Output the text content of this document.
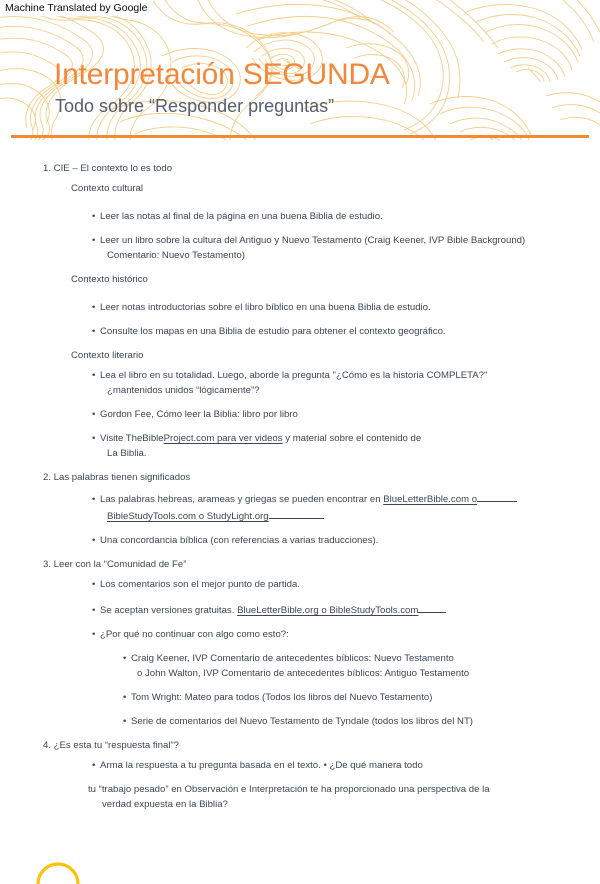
Machine Translated by Google
Interpretación SEGUNDA
Todo sobre “Responder preguntas”
1. CIE – El contexto lo es todo
Contexto cultural
• Leer las notas al final de la página en una buena Biblia de estudio.
• Leer un libro sobre la cultura del Antiguo y Nuevo Testamento (Craig Keener, IVP Bible Background)
Comentario: Nuevo Testamento)
Contexto histórico
• Leer notas introductorias sobre el libro bíblico en una buena Biblia de estudio.
• Consulte los mapas en una Biblia de estudio para obtener el contexto geográfico.
Contexto literario
• Lea el libro en su totalidad. Luego, aborde la pregunta "¿Cómo es la historia COMPLETA?"
¿mantenidos unidos “lógicamente”?
• Gordon Fee, Cómo leer la Biblia: libro por libro
• Visite TheBibleProject.com para ver videos y material sobre el contenido de
La Biblia.
2. Las palabras tienen significados
• Las palabras hebreas, arameas y griegas se pueden encontrar en BlueLetterBible.com o
BibleStudyTools.com o StudyLight.org
• Una concordancia bíblica (con referencias a varias traducciones).
3. Leer con la “Comunidad de Fe”
• Los comentarios son el mejor punto de partida.
• Se aceptan versiones gratuitas. BlueLetterBible.org o BibleStudyTools.com
• ¿Por qué no continuar con algo como esto?:
• Craig Keener, IVP Comentario de antecedentes bíblicos: Nuevo Testamento
o John Walton, IVP Comentario de antecedentes bíblicos: Antiguo Testamento
• Tom Wright: Mateo para todos (Todos los libros del Nuevo Testamento)
• Serie de comentarios del Nuevo Testamento de Tyndale (todos los libros del NT)
4. ¿Es esta tu “respuesta final”?
• Arma la respuesta a tu pregunta basada en el texto. • ¿De qué manera todo
tu “trabajo pesado” en Observación e Interpretación te ha proporcionado una perspectiva de la
verdad expuesta en la Biblia?
